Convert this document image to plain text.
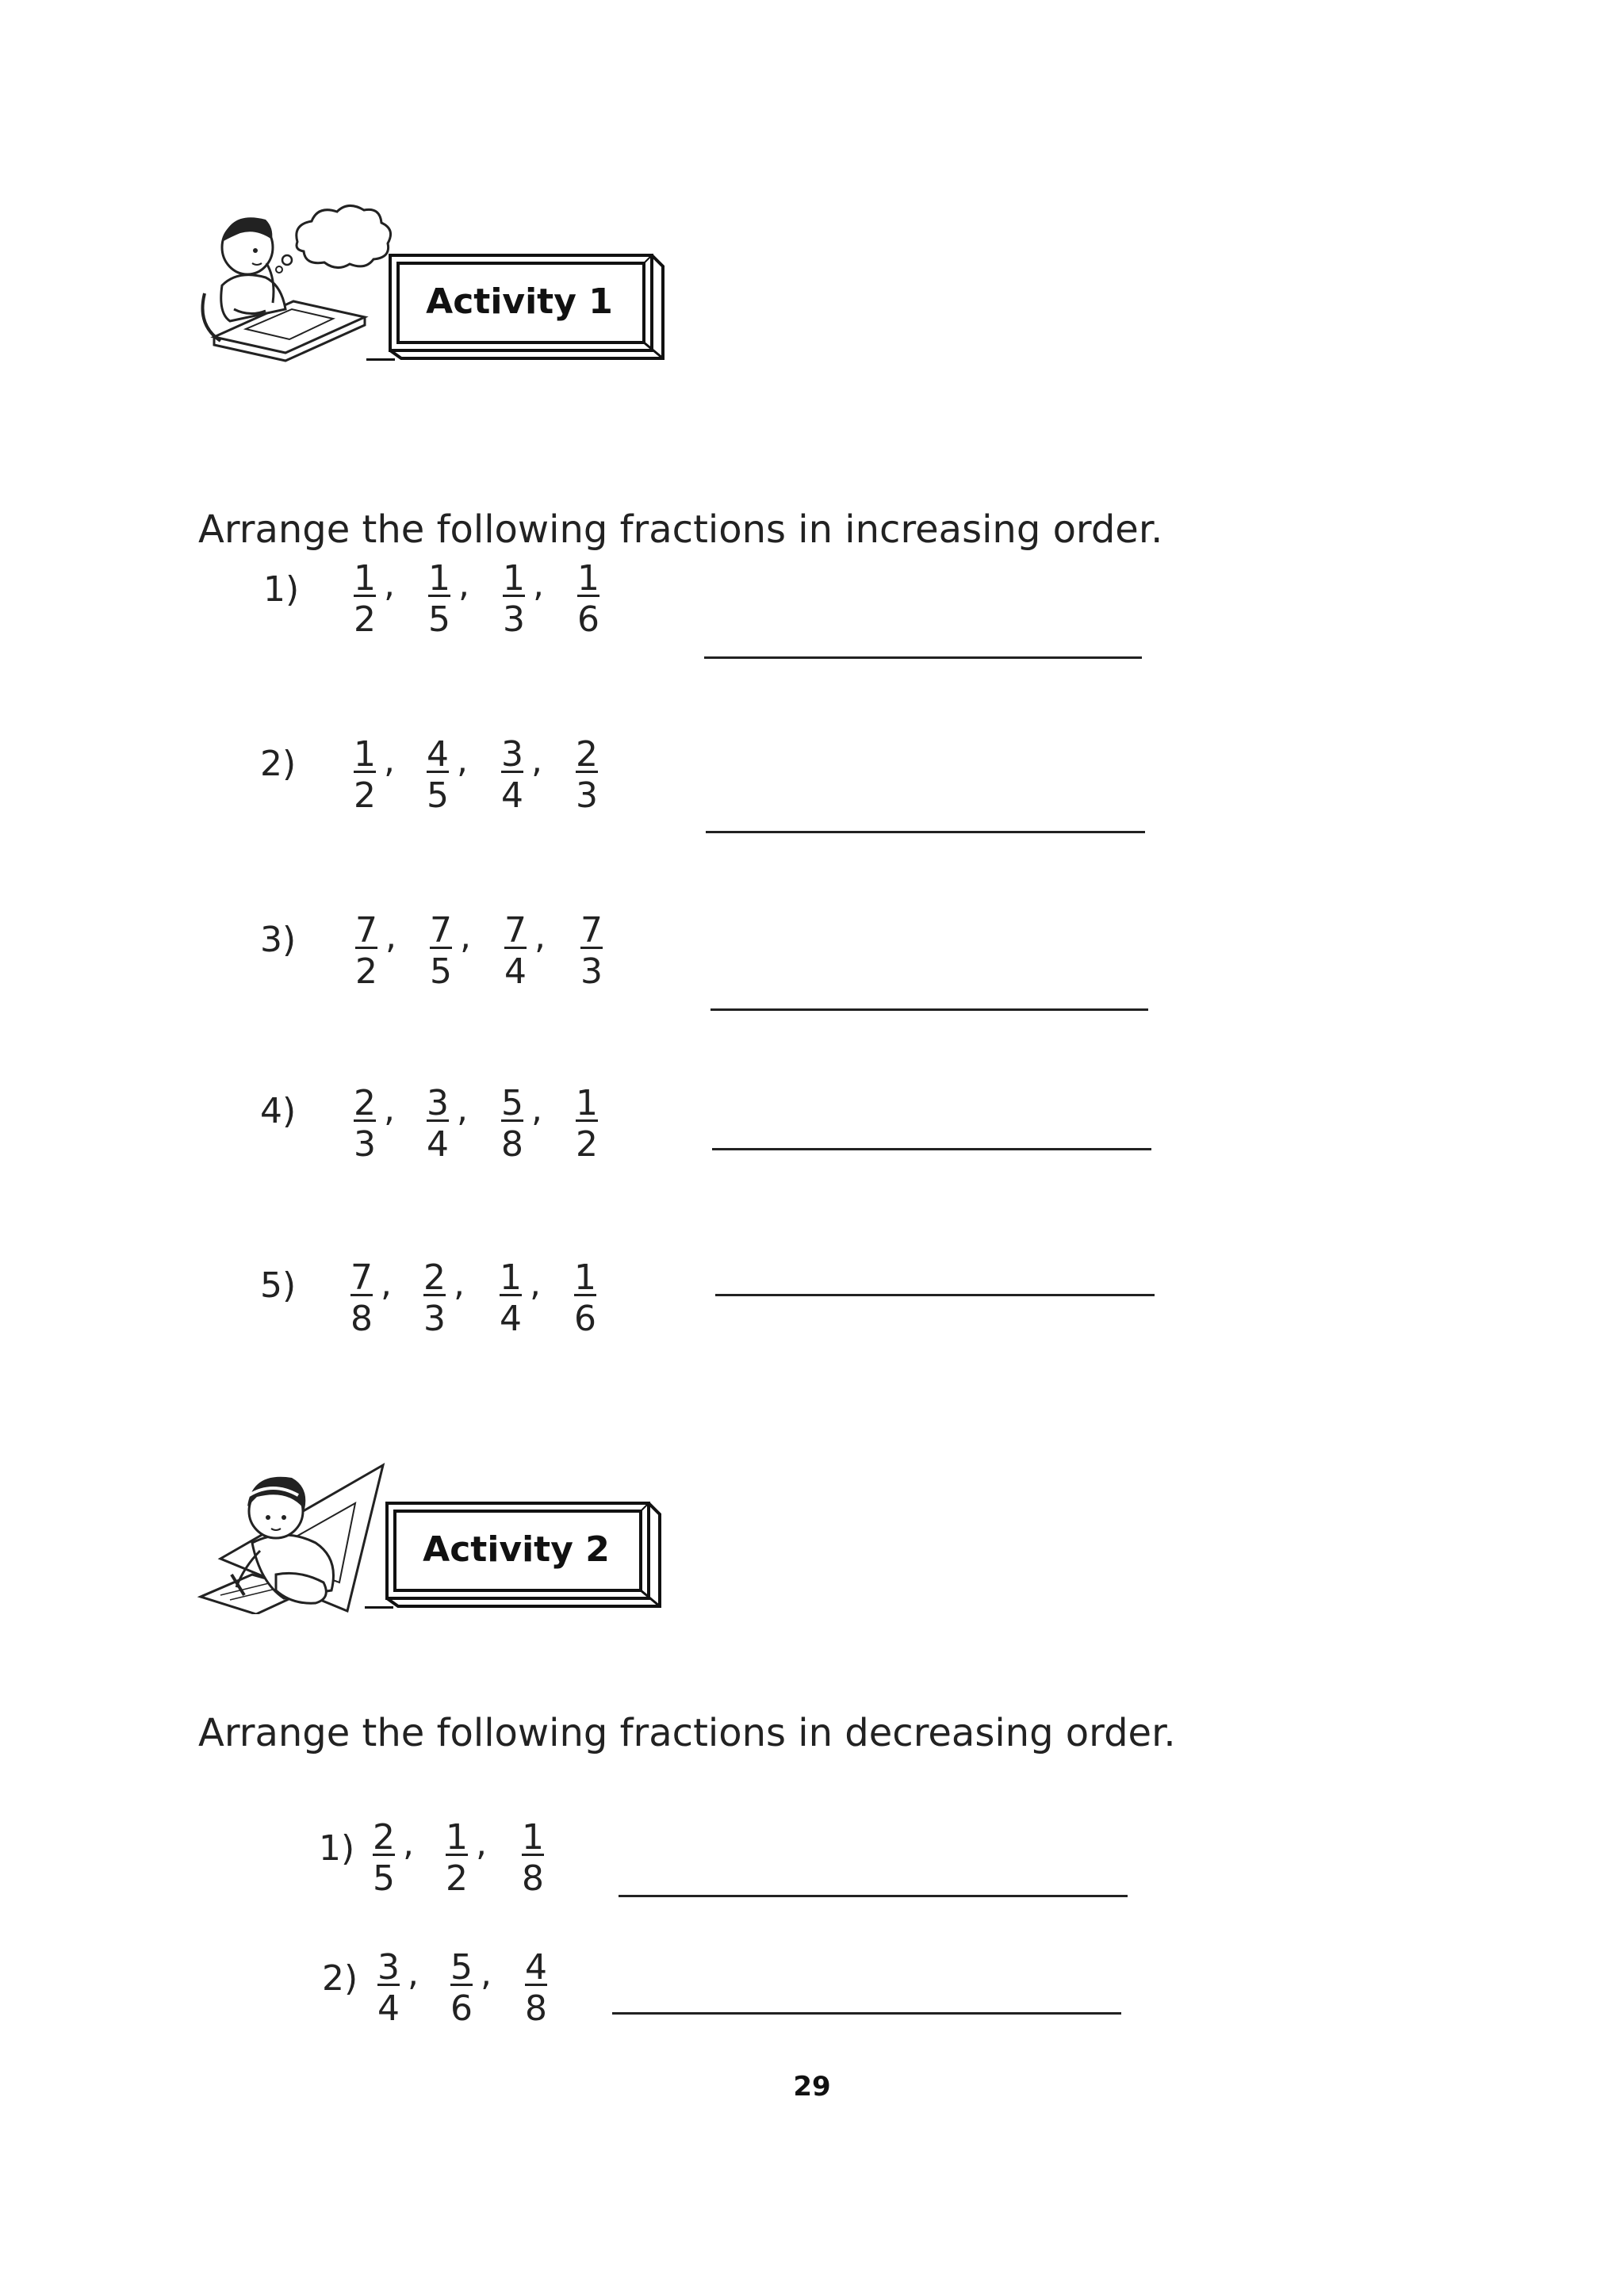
Activity 1
Arrange the following fractions in increasing order.
$1) \frac{1}{2}$ , $\frac{1}{5}$ , $\frac{1}{3}$ , $\frac{1}{6}$
$2) \frac{1}{2}$ , $\frac{4}{5}$ , $\frac{3}{4}$ , $\frac{2}{3}$
$3) \frac{7}{2}$ , $\frac{7}{5}$ , $\frac{7}{4}$ , $\frac{7}{3}$
$4) \frac{2}{3}$ , $\frac{3}{4}$ , $\frac{5}{8}$ , $\frac{1}{2}$
$5) \frac{7}{8}$ , $\frac{2}{3}$ , $\frac{1}{4}$ , $\frac{1}{6}$
Activity 2
Arrange the following fractions in decreasing order.
$1) \frac{2}{5}$ , $\frac{1}{2}$ , $\frac{1}{8}$
$2) \frac{3}{4}$ , $\frac{5}{6}$ , $\frac{4}{8}$
29
